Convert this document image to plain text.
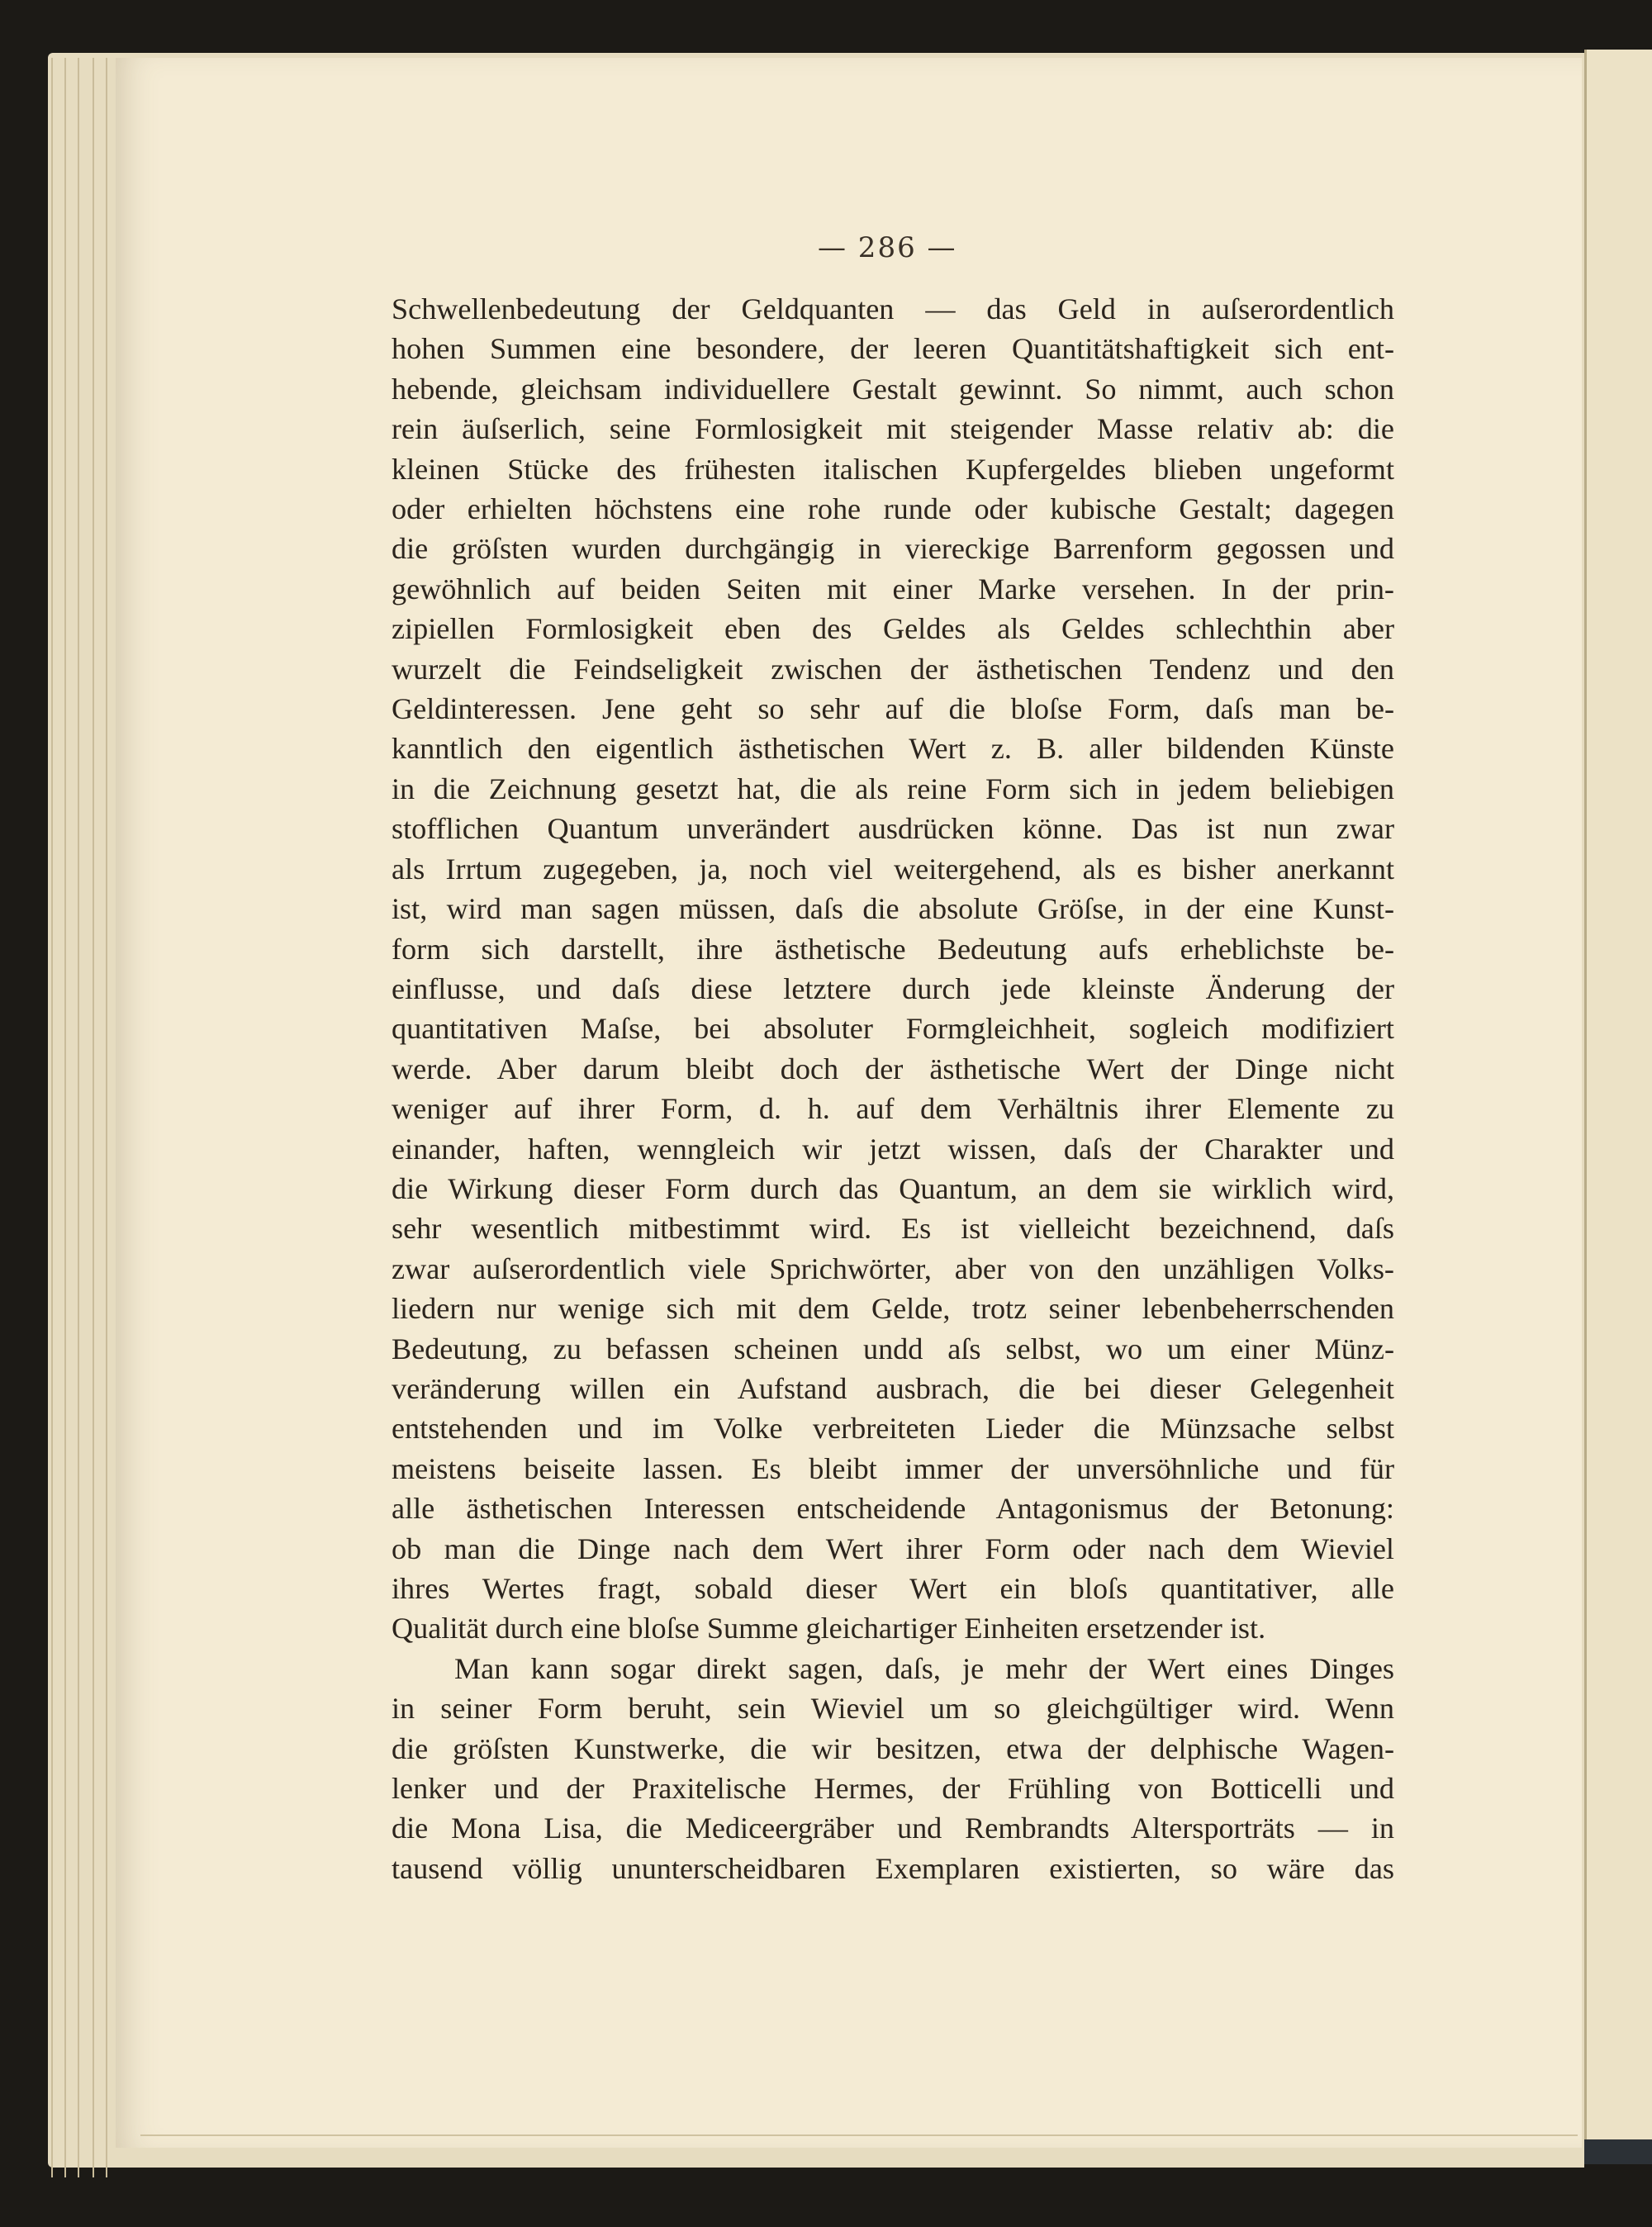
— 286 —
Schwellenbedeutung der Geldquanten — das Geld in auſserordentlich
hohen Summen eine besondere, der leeren Quantitätshaftigkeit sich ent-
hebende, gleichsam individuellere Gestalt gewinnt. So nimmt, auch schon
rein äuſserlich, seine Formlosigkeit mit steigender Masse relativ ab: die
kleinen Stücke des frühesten italischen Kupfergeldes blieben ungeformt
oder erhielten höchstens eine rohe runde oder kubische Gestalt; dagegen
die gröſsten wurden durchgängig in viereckige Barrenform gegossen und
gewöhnlich auf beiden Seiten mit einer Marke versehen. In der prin-
zipiellen Formlosigkeit eben des Geldes als Geldes schlechthin aber
wurzelt die Feindseligkeit zwischen der ästhetischen Tendenz und den
Geldinteressen. Jene geht so sehr auf die bloſse Form, daſs man be-
kanntlich den eigentlich ästhetischen Wert z. B. aller bildenden Künste
in die Zeichnung gesetzt hat, die als reine Form sich in jedem beliebigen
stofflichen Quantum unverändert ausdrücken könne. Das ist nun zwar
als Irrtum zugegeben, ja, noch viel weitergehend, als es bisher anerkannt
ist, wird man sagen müssen, daſs die absolute Gröſse, in der eine Kunst-
form sich darstellt, ihre ästhetische Bedeutung aufs erheblichste be-
einflusse, und daſs diese letztere durch jede kleinste Änderung der
quantitativen Maſse, bei absoluter Formgleichheit, sogleich modifiziert
werde. Aber darum bleibt doch der ästhetische Wert der Dinge nicht
weniger auf ihrer Form, d. h. auf dem Verhältnis ihrer Elemente zu
einander, haften, wenngleich wir jetzt wissen, daſs der Charakter und
die Wirkung dieser Form durch das Quantum, an dem sie wirklich wird,
sehr wesentlich mitbestimmt wird. Es ist vielleicht bezeichnend, daſs
zwar auſserordentlich viele Sprichwörter, aber von den unzähligen Volks-
liedern nur wenige sich mit dem Gelde, trotz seiner lebenbeherrschenden
Bedeutung, zu befassen scheinen undd aſs selbst, wo um einer Münz-
veränderung willen ein Aufstand ausbrach, die bei dieser Gelegenheit
entstehenden und im Volke verbreiteten Lieder die Münzsache selbst
meistens beiseite lassen. Es bleibt immer der unversöhnliche und für
alle ästhetischen Interessen entscheidende Antagonismus der Betonung:
ob man die Dinge nach dem Wert ihrer Form oder nach dem Wieviel
ihres Wertes fragt, sobald dieser Wert ein bloſs quantitativer, alle
Qualität durch eine bloſse Summe gleichartiger Einheiten ersetzender ist.
Man kann sogar direkt sagen, daſs, je mehr der Wert eines Dinges
in seiner Form beruht, sein Wieviel um so gleichgültiger wird. Wenn
die gröſsten Kunstwerke, die wir besitzen, etwa der delphische Wagen-
lenker und der Praxitelische Hermes, der Frühling von Botticelli und
die Mona Lisa, die Mediceergräber und Rembrandts Altersporträts — in
tausend völlig ununterscheidbaren Exemplaren existierten, so wäre das
